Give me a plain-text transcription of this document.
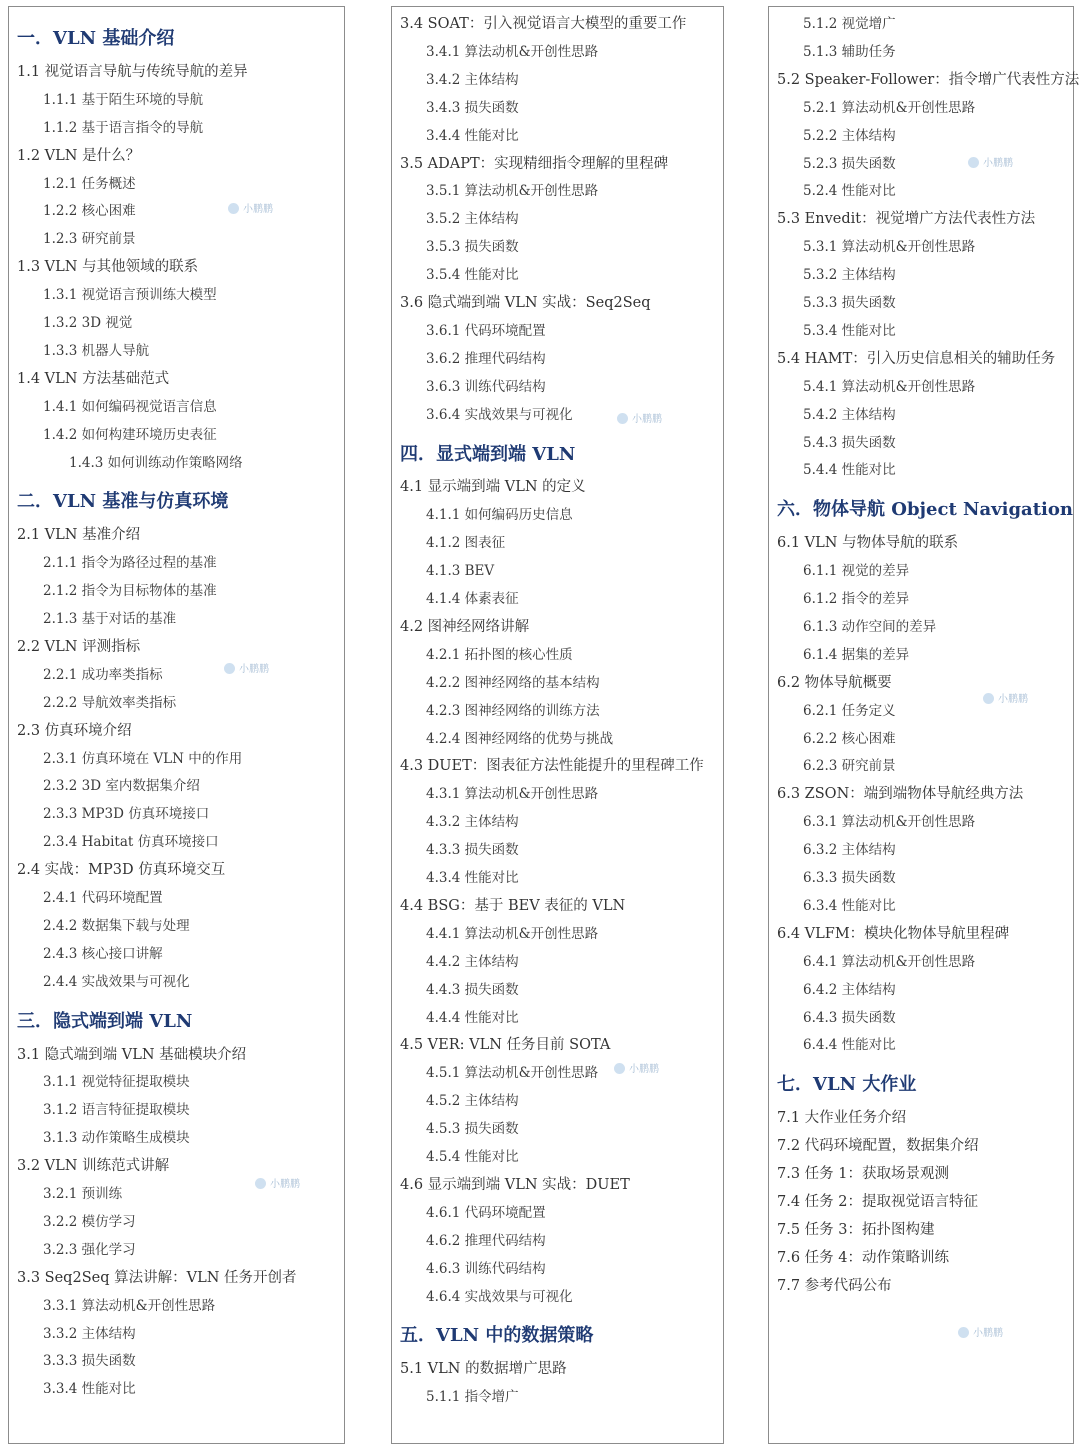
一．VLN 基础介绍
1.1 视觉语言导航与传统导航的差异
1.1.1 基于陌生环境的导航
1.1.2 基于语言指令的导航
1.2 VLN 是什么？
1.2.1 任务概述
1.2.2 核心困难
1.2.3 研究前景
1.3 VLN 与其他领域的联系
1.3.1 视觉语言预训练大模型
1.3.2 3D 视觉
1.3.3 机器人导航
1.4 VLN 方法基础范式
1.4.1 如何编码视觉语言信息
1.4.2 如何构建环境历史表征
1.4.3 如何训练动作策略网络
二．VLN 基准与仿真环境
2.1 VLN 基准介绍
2.1.1 指令为路径过程的基准
2.1.2 指令为目标物体的基准
2.1.3 基于对话的基准
2.2 VLN 评测指标
2.2.1 成功率类指标
2.2.2 导航效率类指标
2.3 仿真环境介绍
2.3.1 仿真环境在 VLN 中的作用
2.3.2 3D 室内数据集介绍
2.3.3 MP3D 仿真环境接口
2.3.4 Habitat 仿真环境接口
2.4 实战：MP3D 仿真环境交互
2.4.1 代码环境配置
2.4.2 数据集下载与处理
2.4.3 核心接口讲解
2.4.4 实战效果与可视化
三．隐式端到端 VLN
3.1 隐式端到端 VLN 基础模块介绍
3.1.1 视觉特征提取模块
3.1.2 语言特征提取模块
3.1.3 动作策略生成模块
3.2 VLN 训练范式讲解
3.2.1 预训练
3.2.2 模仿学习
3.2.3 强化学习
3.3 Seq2Seq 算法讲解：VLN 任务开创者
3.3.1 算法动机&开创性思路
3.3.2 主体结构
3.3.3 损失函数
3.3.4 性能对比
3.4 SOAT：引入视觉语言大模型的重要工作
3.4.1 算法动机&开创性思路
3.4.2 主体结构
3.4.3 损失函数
3.4.4 性能对比
3.5 ADAPT：实现精细指令理解的里程碑
3.5.1 算法动机&开创性思路
3.5.2 主体结构
3.5.3 损失函数
3.5.4 性能对比
3.6 隐式端到端 VLN 实战：Seq2Seq
3.6.1 代码环境配置
3.6.2 推理代码结构
3.6.3 训练代码结构
3.6.4 实战效果与可视化
四．显式端到端 VLN
4.1 显示端到端 VLN 的定义
4.1.1 如何编码历史信息
4.1.2 图表征
4.1.3 BEV
4.1.4 体素表征
4.2 图神经网络讲解
4.2.1 拓扑图的核心性质
4.2.2 图神经网络的基本结构
4.2.3 图神经网络的训练方法
4.2.4 图神经网络的优势与挑战
4.3 DUET：图表征方法性能提升的里程碑工作
4.3.1 算法动机&开创性思路
4.3.2 主体结构
4.3.3 损失函数
4.3.4 性能对比
4.4 BSG：基于 BEV 表征的 VLN
4.4.1 算法动机&开创性思路
4.4.2 主体结构
4.4.3 损失函数
4.4.4 性能对比
4.5 VER: VLN 任务目前 SOTA
4.5.1 算法动机&开创性思路
4.5.2 主体结构
4.5.3 损失函数
4.5.4 性能对比
4.6 显示端到端 VLN 实战：DUET
4.6.1 代码环境配置
4.6.2 推理代码结构
4.6.3 训练代码结构
4.6.4 实战效果与可视化
五．VLN 中的数据策略
5.1 VLN 的数据增广思路
5.1.1 指令增广
5.1.2 视觉增广
5.1.3 辅助任务
5.2 Speaker-Follower：指令增广代表性方法
5.2.1 算法动机&开创性思路
5.2.2 主体结构
5.2.3 损失函数
5.2.4 性能对比
5.3 Envedit：视觉增广方法代表性方法
5.3.1 算法动机&开创性思路
5.3.2 主体结构
5.3.3 损失函数
5.3.4 性能对比
5.4 HAMT：引入历史信息相关的辅助任务
5.4.1 算法动机&开创性思路
5.4.2 主体结构
5.4.3 损失函数
5.4.4 性能对比
六．物体导航 Object Navigation
6.1 VLN 与物体导航的联系
6.1.1 视觉的差异
6.1.2 指令的差异
6.1.3 动作空间的差异
6.1.4 据集的差异
6.2 物体导航概要
6.2.1 任务定义
6.2.2 核心困难
6.2.3 研究前景
6.3 ZSON：端到端物体导航经典方法
6.3.1 算法动机&开创性思路
6.3.2 主体结构
6.3.3 损失函数
6.3.4 性能对比
6.4 VLFM：模块化物体导航里程碑
6.4.1 算法动机&开创性思路
6.4.2 主体结构
6.4.3 损失函数
6.4.4 性能对比
七．VLN 大作业
7.1 大作业任务介绍
7.2 代码环境配置，数据集介绍
7.3 任务 1：获取场景观测
7.4 任务 2：提取视觉语言特征
7.5 任务 3：拓扑图构建
7.6 任务 4：动作策略训练
7.7 参考代码公布
小鹏鹏
小鹏鹏
小鹏鹏
小鹏鹏
小鹏鹏
小鹏鹏
小鹏鹏
小鹏鹏
